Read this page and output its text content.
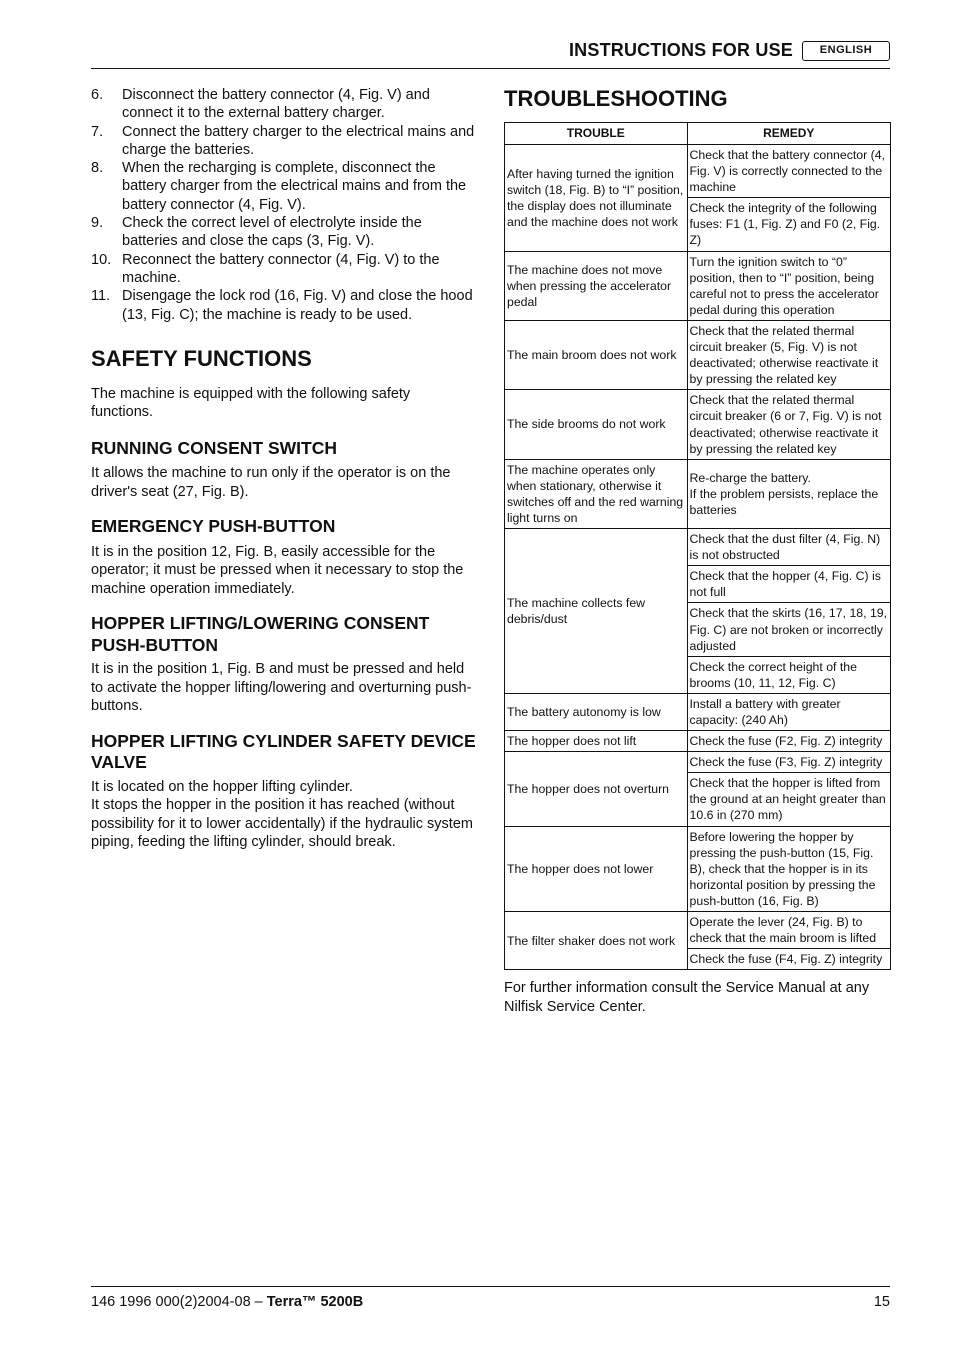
INSTRUCTIONS FOR USE	ENGLISH
6. Disconnect the battery connector (4, Fig. V) and connect it to the external battery charger.
7. Connect the battery charger to the electrical mains and charge the batteries.
8. When the recharging is complete, disconnect the battery charger from the electrical mains and from the battery connector (4, Fig. V).
9. Check the correct level of electrolyte inside the batteries and close the caps (3, Fig. V).
10. Reconnect the battery connector (4, Fig. V) to the machine.
11. Disengage the lock rod (16, Fig. V) and close the hood (13, Fig. C); the machine is ready to be used.
SAFETY FUNCTIONS

The machine is equipped with the following safety functions.

RUNNING CONSENT SWITCH

It allows the machine to run only if the operator is on the driver's seat (27, Fig. B).

EMERGENCY PUSH-BUTTON

It is in the position 12, Fig. B, easily accessible for the operator; it must be pressed when it necessary to stop the machine operation immediately.

HOPPER LIFTING/LOWERING CONSENT PUSH-BUTTON

It is in the position 1, Fig. B and must be pressed and held to activate the hopper lifting/lowering and overturning push-buttons.

HOPPER LIFTING CYLINDER SAFETY DEVICE VALVE

It is located on the hopper lifting cylinder.

It stops the hopper in the position it has reached (without possibility for it to lower accidentally) if the hydraulic system piping, feeding the lifting cylinder, should break.

TROUBLESHOOTING
TROUBLE	REMEDY
After having turned the ignition switch (18, Fig. B) to “I” position, the display does not illuminate and the machine does not work	Check that the battery connector (4, Fig. V) is correctly connected to the machine
	Check the integrity of the following fuses: F1 (1, Fig. Z) and F0 (2, Fig. Z)
The machine does not move when pressing the accelerator pedal	Turn the ignition switch to “0” position, then to “I” position, being careful not to press the accelerator pedal during this operation
The main broom does not work	Check that the related thermal circuit breaker (5, Fig. V) is not deactivated; otherwise reactivate it by pressing the related key
The side brooms do not work	Check that the related thermal circuit breaker (6 or 7, Fig. V) is not deactivated; otherwise reactivate it by pressing the related key
The machine operates only when stationary, otherwise it switches off and the red warning light turns on	Re-charge the battery.
If the problem persists, replace the batteries
The machine collects few debris/dust	Check that the dust filter (4, Fig. N) is not obstructed
	Check that the hopper (4, Fig. C) is not full
	Check that the skirts (16, 17, 18, 19, Fig. C) are not broken or incorrectly adjusted
	Check the correct height of the brooms (10, 11, 12, Fig. C)
The battery autonomy is low	Install a battery with greater capacity: (240 Ah)
The hopper does not lift	Check the fuse (F2, Fig. Z) integrity
The hopper does not overturn	Check the fuse (F3, Fig. Z) integrity
	Check that the hopper is lifted from the ground at an height greater than 10.6 in (270 mm)
The hopper does not lower	Before lowering the hopper by pressing the push-button (15, Fig. B), check that the hopper is in its horizontal position by pressing the push-button (16, Fig. B)
The filter shaker does not work	Operate the lever (24, Fig. B) to check that the main broom is lifted
	Check the fuse (F4, Fig. Z) integrity

For further information consult the Service Manual at any Nilfisk Service Center.

146 1996 000(2)2004-08 – Terra™ 5200B	15
